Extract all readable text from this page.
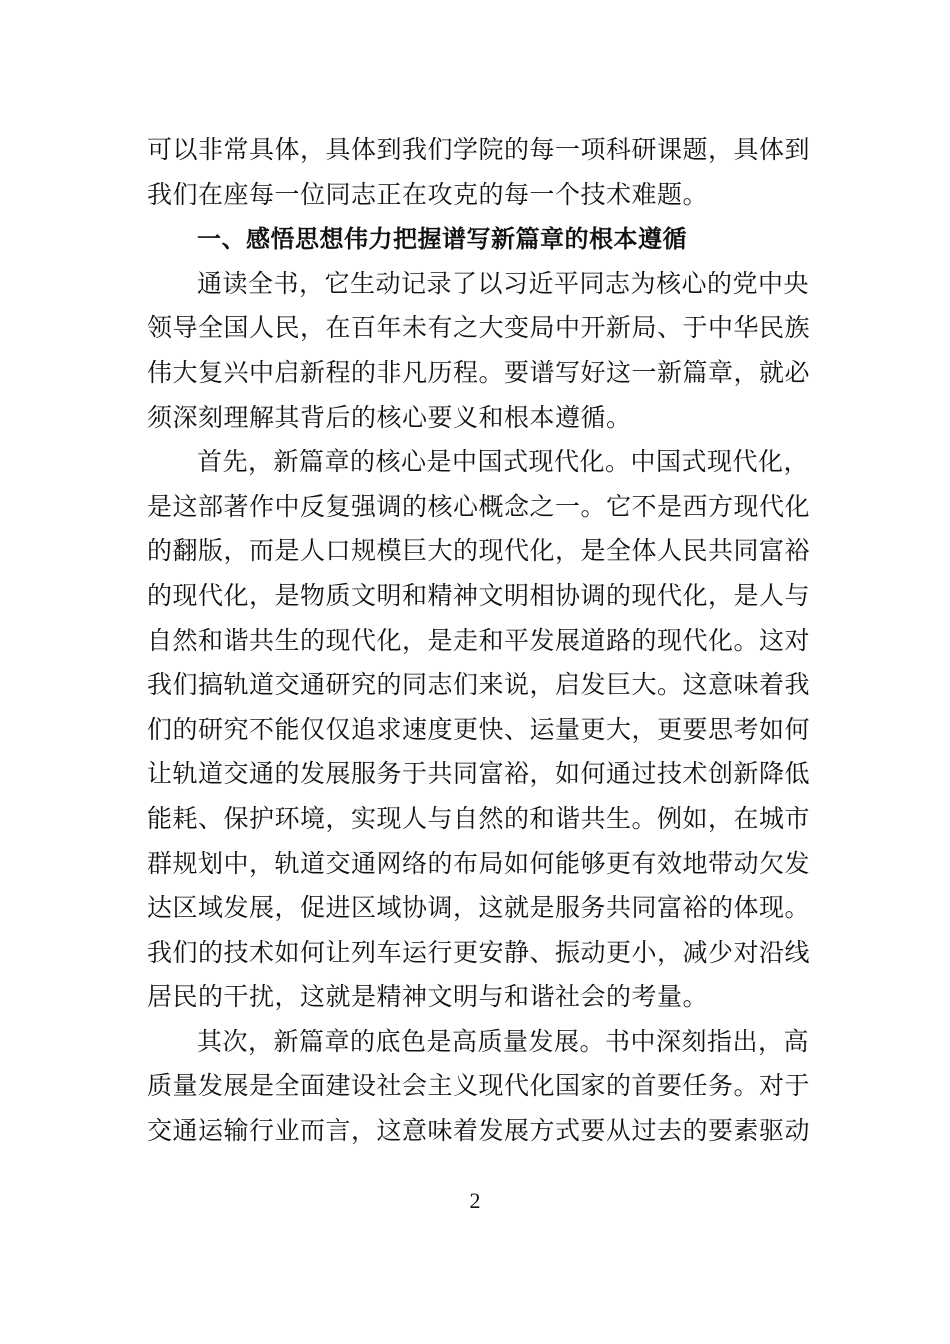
可以非常具体，具体到我们学院的每一项科研课题，具体到
我们在座每一位同志正在攻克的每一个技术难题。
一、感悟思想伟力把握谱写新篇章的根本遵循
通读全书，它生动记录了以习近平同志为核心的党中央
领导全国人民，在百年未有之大变局中开新局、于中华民族
伟大复兴中启新程的非凡历程。要谱写好这一新篇章，就必
须深刻理解其背后的核心要义和根本遵循。
首先，新篇章的核心是中国式现代化。中国式现代化，
是这部著作中反复强调的核心概念之一。它不是西方现代化
的翻版，而是人口规模巨大的现代化，是全体人民共同富裕
的现代化，是物质文明和精神文明相协调的现代化，是人与
自然和谐共生的现代化，是走和平发展道路的现代化。这对
我们搞轨道交通研究的同志们来说，启发巨大。这意味着我
们的研究不能仅仅追求速度更快、运量更大，更要思考如何
让轨道交通的发展服务于共同富裕，如何通过技术创新降低
能耗、保护环境，实现人与自然的和谐共生。例如，在城市
群规划中，轨道交通网络的布局如何能够更有效地带动欠发
达区域发展，促进区域协调，这就是服务共同富裕的体现。
我们的技术如何让列车运行更安静、振动更小，减少对沿线
居民的干扰，这就是精神文明与和谐社会的考量。
其次，新篇章的底色是高质量发展。书中深刻指出，高
质量发展是全面建设社会主义现代化国家的首要任务。对于
交通运输行业而言，这意味着发展方式要从过去的要素驱动
2
